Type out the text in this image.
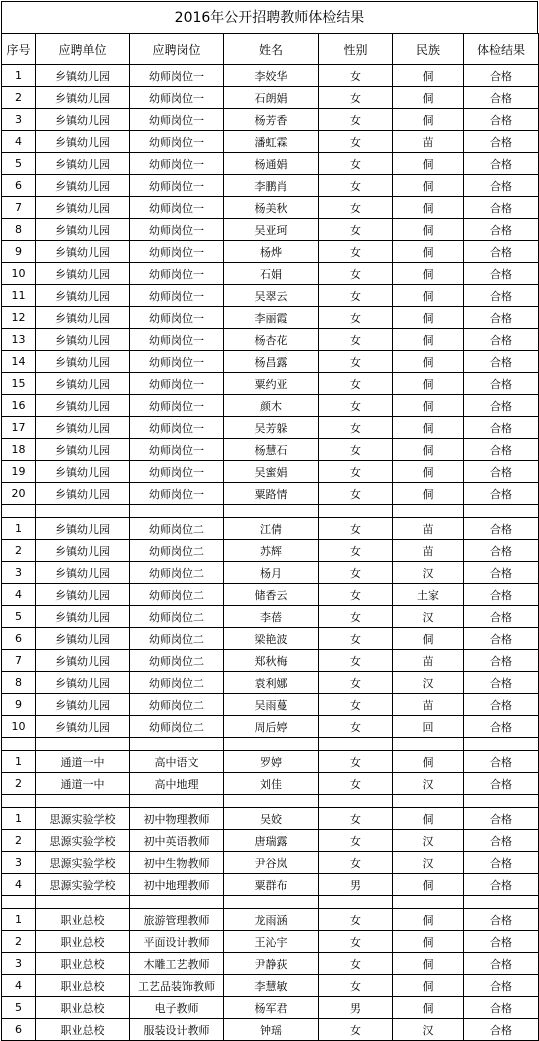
2016年公开招聘教师体检结果
序号	应聘单位	应聘岗位	姓名	性别	民族	体检结果
1	乡镇幼儿园	幼师岗位一	李姣华	女	侗	合格
2	乡镇幼儿园	幼师岗位一	石朗娟	女	侗	合格
3	乡镇幼儿园	幼师岗位一	杨芳香	女	侗	合格
4	乡镇幼儿园	幼师岗位一	潘虹霖	女	苗	合格
5	乡镇幼儿园	幼师岗位一	杨通娟	女	侗	合格
6	乡镇幼儿园	幼师岗位一	李鹏肖	女	侗	合格
7	乡镇幼儿园	幼师岗位一	杨美秋	女	侗	合格
8	乡镇幼儿园	幼师岗位一	吴亚珂	女	侗	合格
9	乡镇幼儿园	幼师岗位一	杨烨	女	侗	合格
10	乡镇幼儿园	幼师岗位一	石娟	女	侗	合格
11	乡镇幼儿园	幼师岗位一	吴翠云	女	侗	合格
12	乡镇幼儿园	幼师岗位一	李丽霞	女	侗	合格
13	乡镇幼儿园	幼师岗位一	杨杏花	女	侗	合格
14	乡镇幼儿园	幼师岗位一	杨昌露	女	侗	合格
15	乡镇幼儿园	幼师岗位一	粟约亚	女	侗	合格
16	乡镇幼儿园	幼师岗位一	颜木	女	侗	合格
17	乡镇幼儿园	幼师岗位一	吴芳躲	女	侗	合格
18	乡镇幼儿园	幼师岗位一	杨慧石	女	侗	合格
19	乡镇幼儿园	幼师岗位一	吴蜜娟	女	侗	合格
20	乡镇幼儿园	幼师岗位一	粟路情	女	侗	合格

1	乡镇幼儿园	幼师岗位二	江倩	女	苗	合格
2	乡镇幼儿园	幼师岗位二	苏辉	女	苗	合格
3	乡镇幼儿园	幼师岗位二	杨月	女	汉	合格
4	乡镇幼儿园	幼师岗位二	储香云	女	土家	合格
5	乡镇幼儿园	幼师岗位二	李蓓	女	汉	合格
6	乡镇幼儿园	幼师岗位二	梁艳波	女	侗	合格
7	乡镇幼儿园	幼师岗位二	郑秋梅	女	苗	合格
8	乡镇幼儿园	幼师岗位二	袁利娜	女	汉	合格
9	乡镇幼儿园	幼师岗位二	吴雨蔓	女	苗	合格
10	乡镇幼儿园	幼师岗位二	周后婷	女	回	合格

1	通道一中	高中语文	罗婷	女	侗	合格
2	通道一中	高中地理	刘佳	女	汉	合格

1	思源实验学校	初中物理教师	吴姣	女	侗	合格
2	思源实验学校	初中英语教师	唐瑞露	女	汉	合格
3	思源实验学校	初中生物教师	尹谷岚	女	汉	合格
4	思源实验学校	初中地理教师	粟群布	男	侗	合格

1	职业总校	旅游管理教师	龙雨涵	女	侗	合格
2	职业总校	平面设计教师	王沁宇	女	侗	合格
3	职业总校	木雕工艺教师	尹静荻	女	侗	合格
4	职业总校	工艺品装饰教师	李慧敏	女	侗	合格
5	职业总校	电子教师	杨军君	男	侗	合格
6	职业总校	服装设计教师	钟瑶	女	汉	合格
